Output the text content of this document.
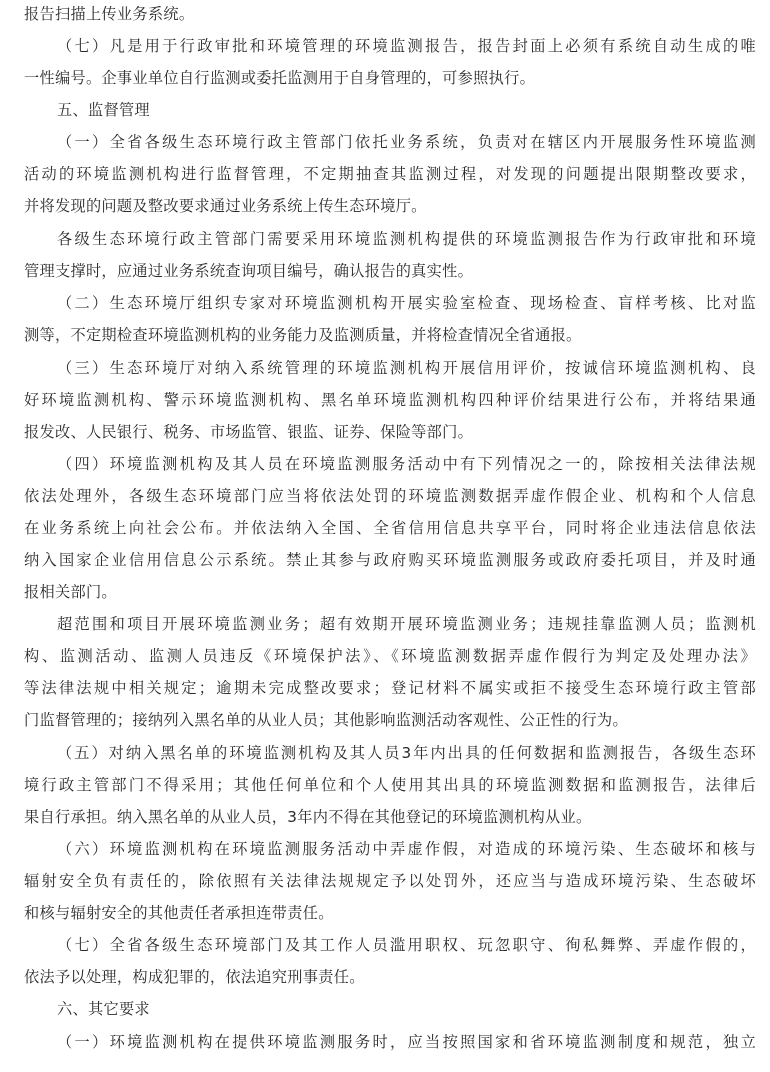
报告扫描上传业务系统。
（七）凡是用于行政审批和环境管理的环境监测报告，报告封面上必须有系统自动生成的唯
一性编号。企事业单位自行监测或委托监测用于自身管理的，可参照执行。
五、监督管理
（一）全省各级生态环境行政主管部门依托业务系统，负责对在辖区内开展服务性环境监测
活动的环境监测机构进行监督管理，不定期抽查其监测过程，对发现的问题提出限期整改要求，
并将发现的问题及整改要求通过业务系统上传生态环境厅。
各级生态环境行政主管部门需要采用环境监测机构提供的环境监测报告作为行政审批和环境
管理支撑时，应通过业务系统查询项目编号，确认报告的真实性。
（二）生态环境厅组织专家对环境监测机构开展实验室检查、现场检查、盲样考核、比对监
测等，不定期检查环境监测机构的业务能力及监测质量，并将检查情况全省通报。
（三）生态环境厅对纳入系统管理的环境监测机构开展信用评价，按诚信环境监测机构、良
好环境监测机构、警示环境监测机构、黑名单环境监测机构四种评价结果进行公布，并将结果通
报发改、人民银行、税务、市场监管、银监、证券、保险等部门。
（四）环境监测机构及其人员在环境监测服务活动中有下列情况之一的，除按相关法律法规
依法处理外，各级生态环境部门应当将依法处罚的环境监测数据弄虚作假企业、机构和个人信息
在业务系统上向社会公布。并依法纳入全国、全省信用信息共享平台，同时将企业违法信息依法
纳入国家企业信用信息公示系统。禁止其参与政府购买环境监测服务或政府委托项目，并及时通
报相关部门。
超范围和项目开展环境监测业务；超有效期开展环境监测业务；违规挂靠监测人员；监测机
构、监测活动、监测人员违反《环境保护法》、《环境监测数据弄虚作假行为判定及处理办法》
等法律法规中相关规定；逾期未完成整改要求；登记材料不属实或拒不接受生态环境行政主管部
门监督管理的；接纳列入黑名单的从业人员；其他影响监测活动客观性、公正性的行为。
（五）对纳入黑名单的环境监测机构及其人员3年内出具的任何数据和监测报告，各级生态环
境行政主管部门不得采用；其他任何单位和个人使用其出具的环境监测数据和监测报告，法律后
果自行承担。纳入黑名单的从业人员，3年内不得在其他登记的环境监测机构从业。
（六）环境监测机构在环境监测服务活动中弄虚作假，对造成的环境污染、生态破坏和核与
辐射安全负有责任的，除依照有关法律法规规定予以处罚外，还应当与造成环境污染、生态破坏
和核与辐射安全的其他责任者承担连带责任。
（七）全省各级生态环境部门及其工作人员滥用职权、玩忽职守、徇私舞弊、弄虚作假的，
依法予以处理，构成犯罪的，依法追究刑事责任。
六、其它要求
（一）环境监测机构在提供环境监测服务时，应当按照国家和省环境监测制度和规范，独立
